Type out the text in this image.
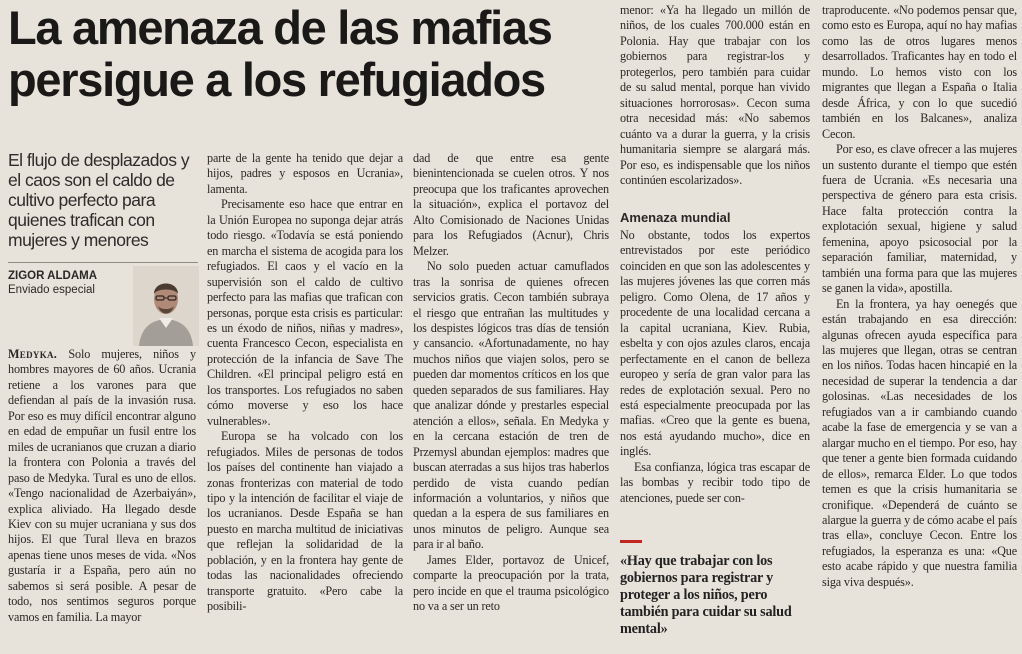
La amenaza de las mafias persigue a los refugiados
El flujo de desplazados y el caos son el caldo de cultivo perfecto para quienes trafican con mujeres y menores
ZIGOR ALDAMA
Enviado especial

Medyka. Solo mujeres, niños y hombres mayores de 60 años. Ucrania retiene a los varones para que defiendan al país de la invasión rusa. Por eso es muy difícil encontrar alguno en edad de empuñar un fusil entre los miles de ucranianos que cruzan a diario la frontera con Polonia a través del paso de Medyka. Tural es uno de ellos. «Tengo nacionalidad de Azerbaiyán», explica aliviado. Ha llegado desde Kiev con su mujer ucraniana y sus dos hijos. El que Tural lleva en brazos apenas tiene unos meses de vida. «Nos gustaría ir a España, pero aún no sabemos si será posible. A pesar de todo, nos sentimos seguros porque vamos en familia. La mayor

parte de la gente ha tenido que dejar a hijos, padres y esposos en Ucrania», lamenta.

Precisamente eso hace que entrar en la Unión Europea no suponga dejar atrás todo riesgo. «Todavía se está poniendo en marcha el sistema de acogida para los refugiados. El caos y el vacío en la supervisión son el caldo de cultivo perfecto para las mafias que trafican con personas, porque esta crisis es particular: es un éxodo de niños, niñas y madres», cuenta Francesco Cecon, especialista en protección de la infancia de Save The Children. «El principal peligro está en los transportes. Los refugiados no saben cómo moverse y eso los hace vulnerables».

Europa se ha volcado con los refugiados. Miles de personas de todos los países del continente han viajado a zonas fronterizas con material de todo tipo y la intención de facilitar el viaje de los ucranianos. Desde España se han puesto en marcha multitud de iniciativas que reflejan la solidaridad de la población, y en la frontera hay gente de todas las nacionalidades ofreciendo transporte gratuito. «Pero cabe la posibili-

dad de que entre esa gente bienintencionada se cuelen otros. Y nos preocupa que los traficantes aprovechen la situación», explica el portavoz del Alto Comisionado de Naciones Unidas para los Refugiados (Acnur), Chris Melzer.

No solo pueden actuar camuflados tras la sonrisa de quienes ofrecen servicios gratis. Cecon también subraya el riesgo que entrañan las multitudes y los despistes lógicos tras días de tensión y cansancio. «Afortunadamente, no hay muchos niños que viajen solos, pero se pueden dar momentos críticos en los que queden separados de sus familiares. Hay que analizar dónde y prestarles especial atención a ellos», señala. En Medyka y en la cercana estación de tren de Przemysl abundan ejemplos: madres que buscan aterradas a sus hijos tras haberlos perdido de vista cuando pedían información a voluntarios, y niños que quedan a la espera de sus familiares en unos minutos de peligro. Aunque sea para ir al baño.

James Elder, portavoz de Unicef, comparte la preocupación por la trata, pero incide en que el trauma psicológico no va a ser un reto

menor: «Ya ha llegado un millón de niños, de los cuales 700.000 están en Polonia. Hay que trabajar con los gobiernos para registrar-los y protegerlos, pero también para cuidar de su salud mental, porque han vivido situaciones horrorosas». Cecon suma otra necesidad más: «No sabemos cuánto va a durar la guerra, y la crisis humanitaria siempre se alargará más. Por eso, es indispensable que los niños continúen escolarizados».

Amenaza mundial

No obstante, todos los expertos entrevistados por este periódico coinciden en que son las adolescentes y las mujeres jóvenes las que corren más peligro. Como Olena, de 17 años y procedente de una localidad cercana a la capital ucraniana, Kiev. Rubia, esbelta y con ojos azules claros, encaja perfectamente en el canon de belleza europeo y sería de gran valor para las redes de explotación sexual. Pero no está especialmente preocupada por las mafias. «Creo que la gente es buena, nos está ayudando mucho», dice en inglés.

Esa confianza, lógica tras escapar de las bombas y recibir todo tipo de atenciones, puede ser con-

«Hay que trabajar con los gobiernos para registrar y proteger a los niños, pero también para cuidar su salud mental»

traproducente. «No podemos pensar que, como esto es Europa, aquí no hay mafias como las de otros lugares menos desarrollados. Traficantes hay en todo el mundo. Lo hemos visto con los migrantes que llegan a España o Italia desde África, y con lo que sucedió también en los Balcanes», analiza Cecon.

Por eso, es clave ofrecer a las mujeres un sustento durante el tiempo que estén fuera de Ucrania. «Es necesaria una perspectiva de género para esta crisis. Hace falta protección contra la explotación sexual, higiene y salud femenina, apoyo psicosocial por la separación familiar, maternidad, y también una forma para que las mujeres se ganen la vida», apostilla.

En la frontera, ya hay oenegés que están trabajando en esa dirección: algunas ofrecen ayuda específica para las mujeres que llegan, otras se centran en los niños. Todas hacen hincapié en la necesidad de superar la tendencia a dar golosinas. «Las necesidades de los refugiados van a ir cambiando cuando acabe la fase de emergencia y se van a alargar mucho en el tiempo. Por eso, hay que tener a gente bien formada cuidando de ellos», remarca Elder. Lo que todos temen es que la crisis humanitaria se cronifique. «Dependerá de cuánto se alargue la guerra y de cómo acabe el país tras ella», concluye Cecon. Entre los refugiados, la esperanza es una: «Que esto acabe rápido y que nuestra familia siga viva después».
